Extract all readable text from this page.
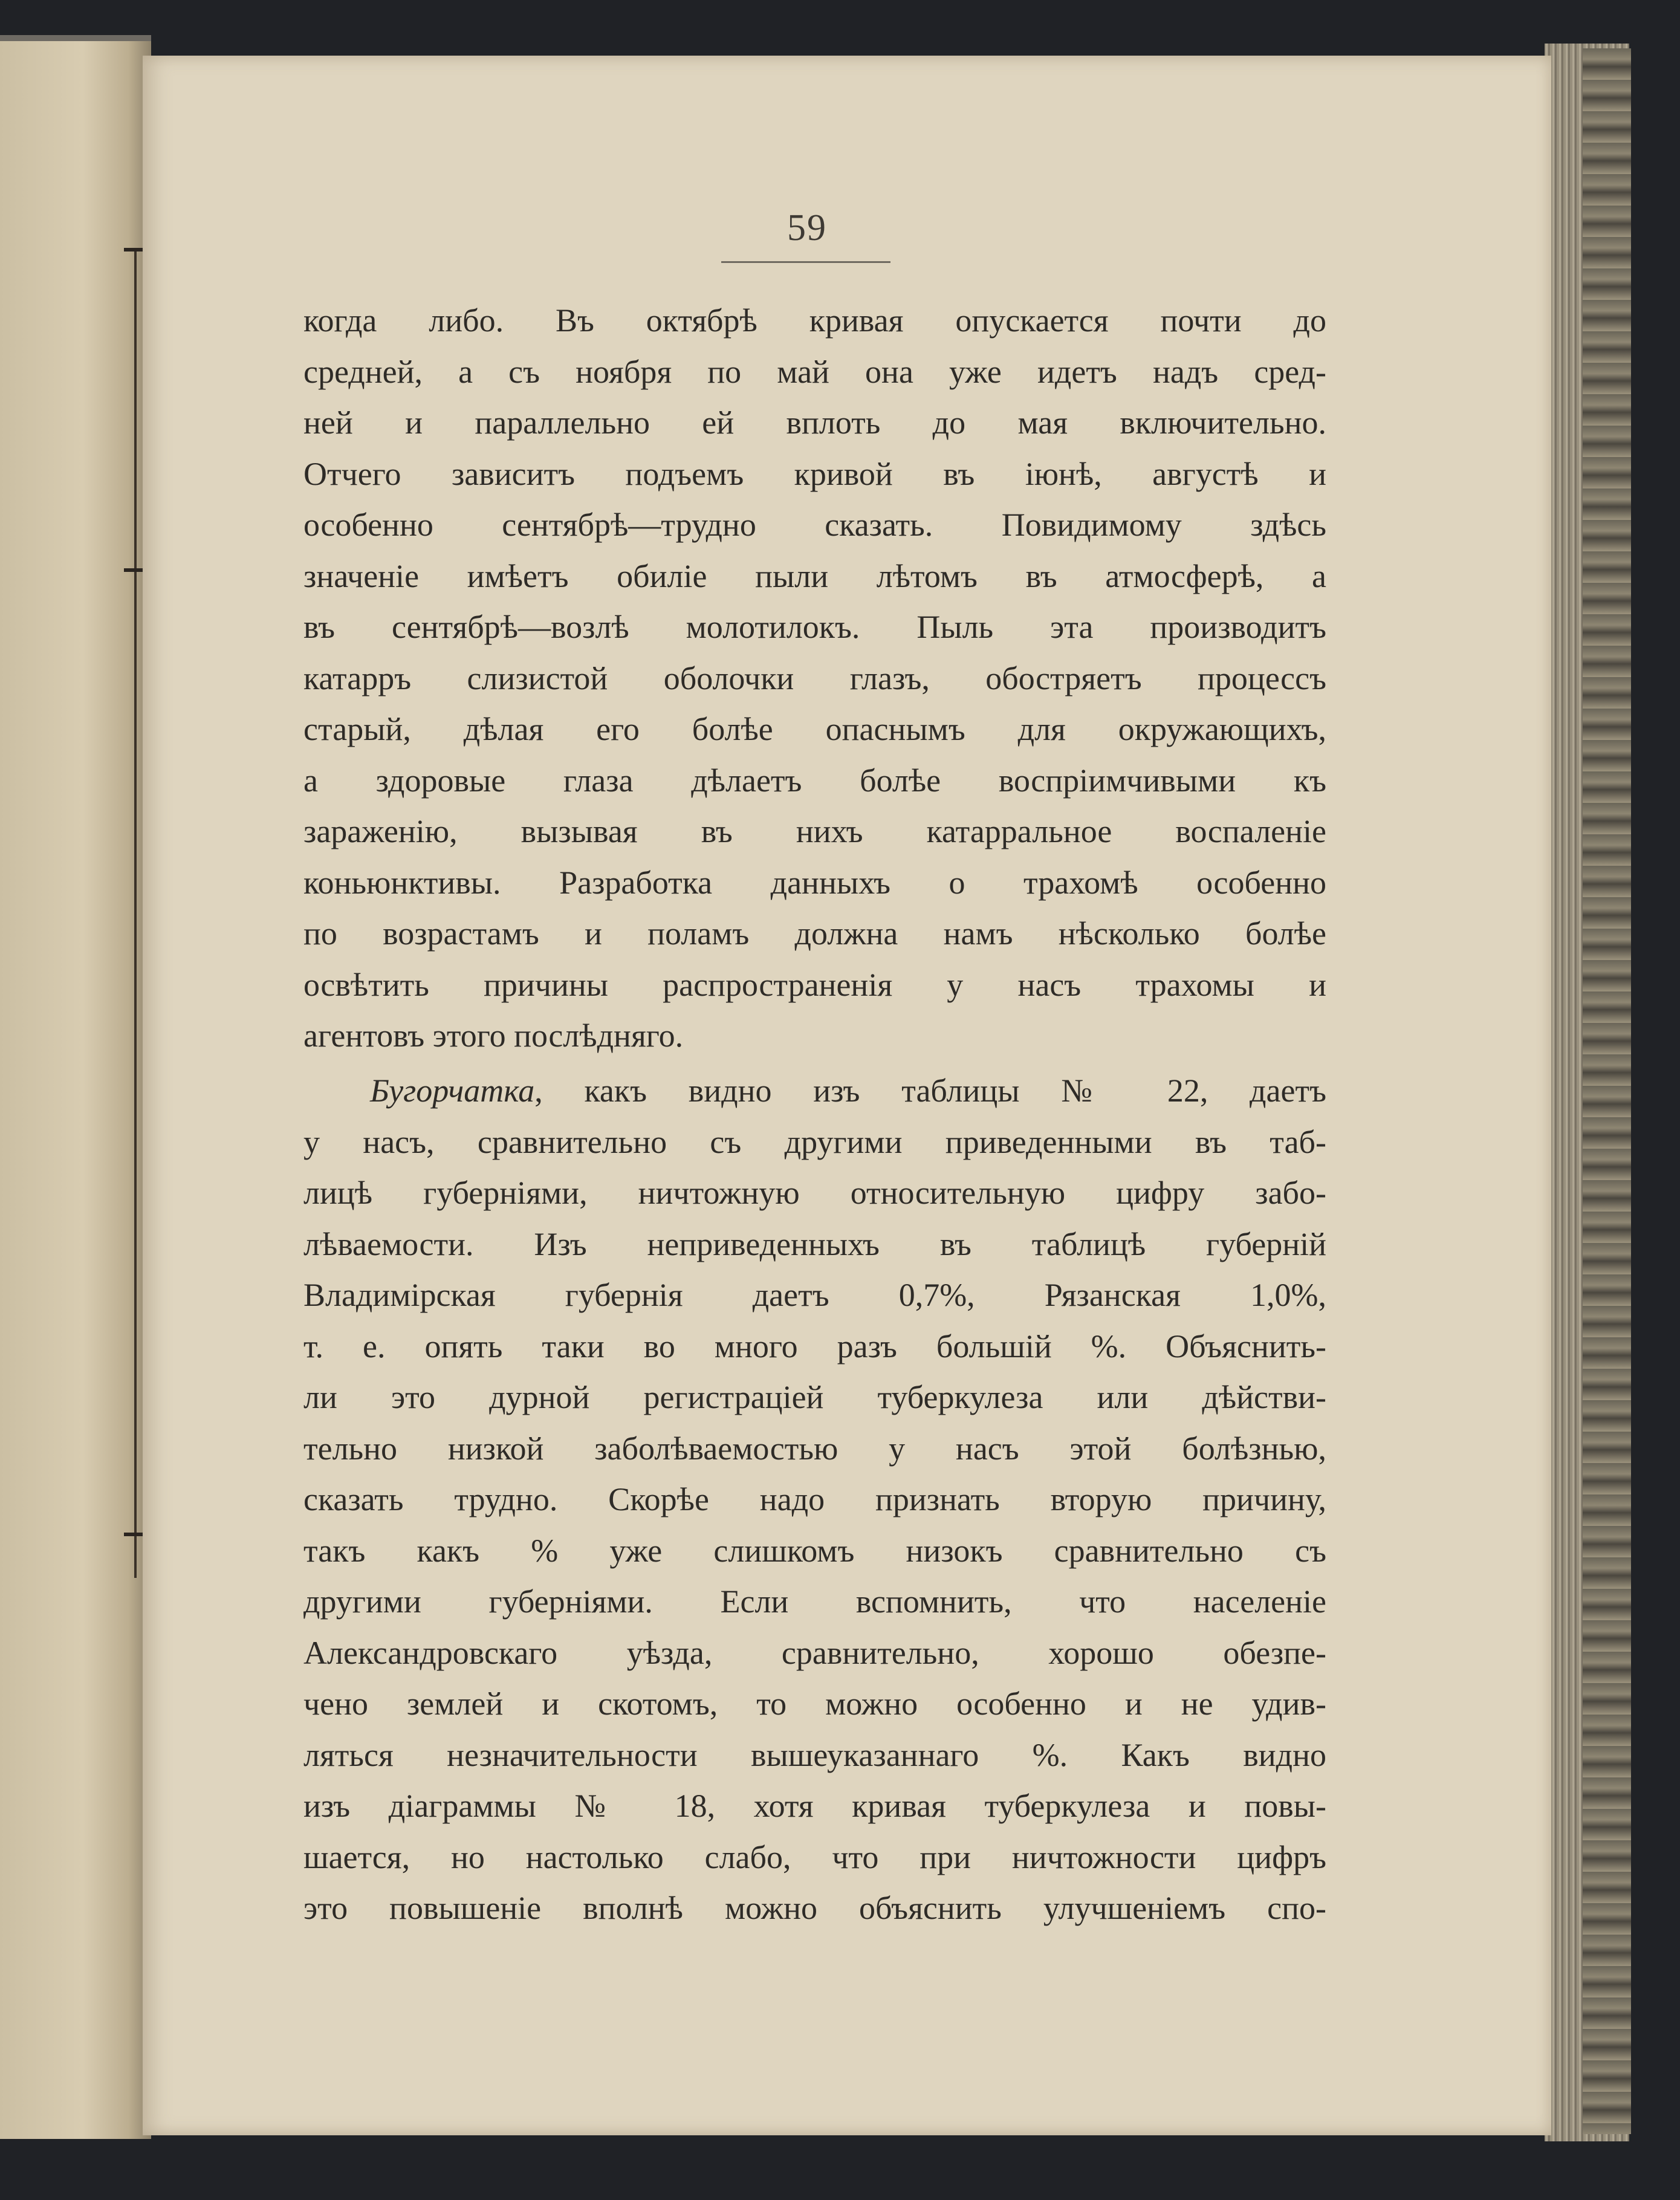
59
когда либо. Въ октябрѣ кривая опускается почти до
средней, а съ ноября по май она уже идетъ надъ сред-
ней и параллельно ей вплоть до мая включительно.
Отчего зависитъ подъемъ кривой въ iюнѣ, августѣ и
особенно сентябрѣ—трудно сказать. Повидимому здѣсь
значенiе имѣетъ обилiе пыли лѣтомъ въ атмосферѣ, а
въ сентябрѣ—возлѣ молотилокъ. Пыль эта производитъ
катарръ слизистой оболочки глазъ, обостряетъ процессъ
старый, дѣлая его болѣе опаснымъ для окружающихъ,
а здоровые глаза дѣлаетъ болѣе воспрiимчивыми къ
зараженiю, вызывая въ нихъ катарральное воспаленiе
коньюнктивы. Разработка данныхъ о трахомѣ особенно
по возрастамъ и поламъ должна намъ нѣсколько болѣе
освѣтить причины распространенiя у насъ трахомы и
агентовъ этого послѣдняго.
Бугорчатка, какъ видно изъ таблицы № 22, даетъ
у насъ, сравнительно съ другими приведенными въ таб-
лицѣ губернiями, ничтожную относительную цифру забо-
лѣваемости. Изъ неприведенныхъ въ таблицѣ губернiй
Владимiрская губернiя даетъ 0,7%, Рязанская 1,0%,
т. е. опять таки во много разъ большiй %. Объяснить-
ли это дурной регистрацiей туберкулеза или дѣйстви-
тельно низкой заболѣваемостью у насъ этой болѣзнью,
сказать трудно. Скорѣе надо признать вторую причину,
такъ какъ % уже слишкомъ низокъ сравнительно съ
другими губернiями. Если вспомнить, что населенiе
Александровскаго уѣзда, сравнительно, хорошо обезпе-
чено землей и скотомъ, то можно особенно и не удив-
ляться незначительности вышеуказаннаго %. Какъ видно
изъ дiаграммы № 18, хотя кривая туберкулеза и повы-
шается, но настолько слабо, что при ничтожности цифръ
это повышенiе вполнѣ можно объяснить улучшенiемъ спо-
